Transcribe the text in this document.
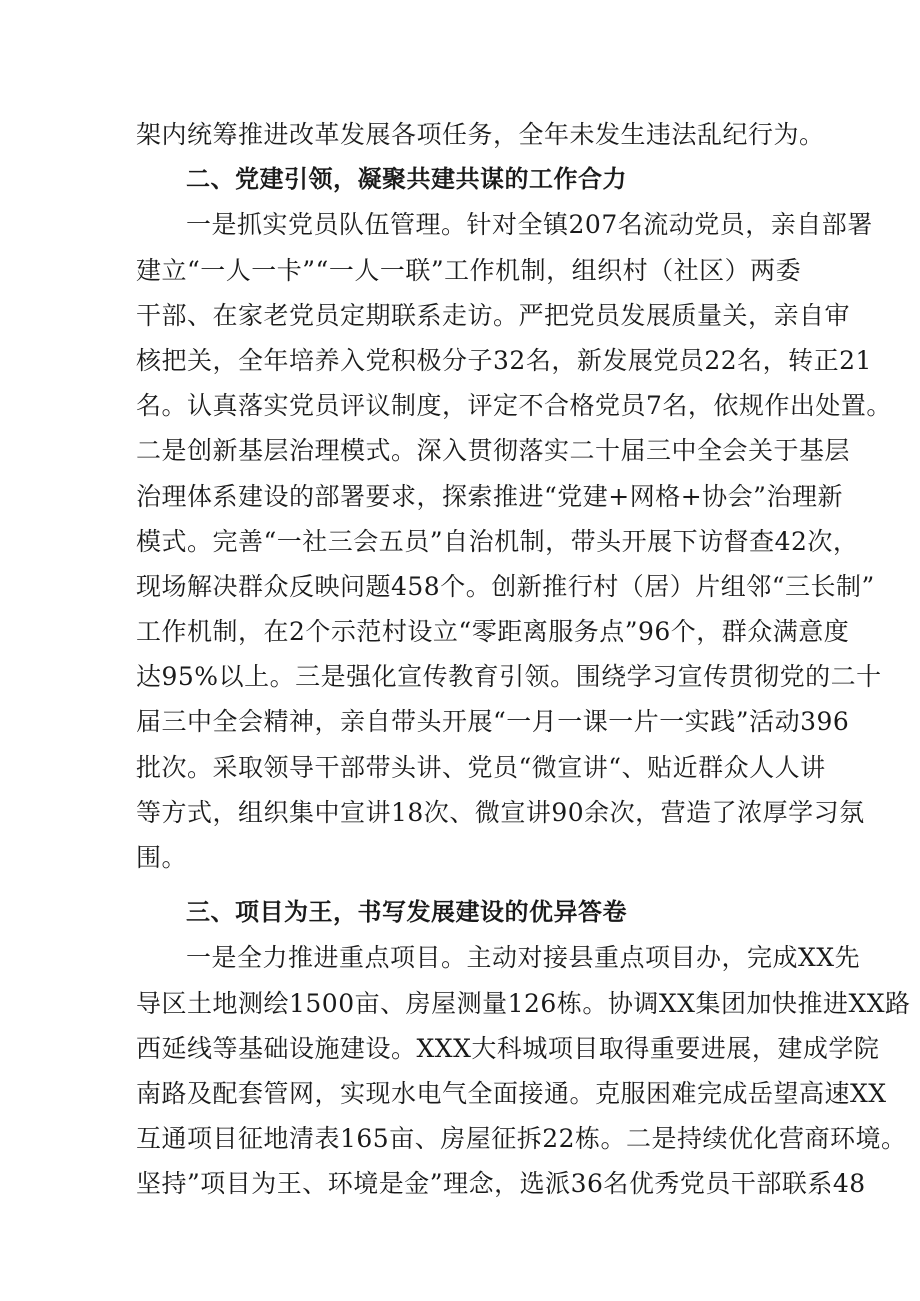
架内统筹推进改革发展各项任务，全年未发生违法乱纪行为。
二、党建引领，凝聚共建共谋的工作合力
一是抓实党员队伍管理。针对全镇207名流动党员，亲自部署
建立“一人一卡”“一人一联”工作机制，组织村（社区）两委
干部、在家老党员定期联系走访。严把党员发展质量关，亲自审
核把关，全年培养入党积极分子32名，新发展党员22名，转正21
名。认真落实党员评议制度，评定不合格党员7名，依规作出处置。
二是创新基层治理模式。深入贯彻落实二十届三中全会关于基层
治理体系建设的部署要求，探索推进“党建+网格+协会”治理新
模式。完善“一社三会五员”自治机制，带头开展下访督查42次，
现场解决群众反映问题458个。创新推行村（居）片组邻“三长制”
工作机制，在2个示范村设立“零距离服务点”96个，群众满意度
达95%以上。三是强化宣传教育引领。围绕学习宣传贯彻党的二十
届三中全会精神，亲自带头开展“一月一课一片一实践”活动396
批次。采取领导干部带头讲、党员“微宣讲“、贴近群众人人讲
等方式，组织集中宣讲18次、微宣讲90余次，营造了浓厚学习氛
围。
三、项目为王，书写发展建设的优异答卷
一是全力推进重点项目。主动对接县重点项目办，完成XX先
导区土地测绘1500亩、房屋测量126栋。协调XX集团加快推进XX路
西延线等基础设施建设。XXX大科城项目取得重要进展，建成学院
南路及配套管网，实现水电气全面接通。克服困难完成岳望高速XX
互通项目征地清表165亩、房屋征拆22栋。二是持续优化营商环境。
坚持”项目为王、环境是金”理念，选派36名优秀党员干部联系48
